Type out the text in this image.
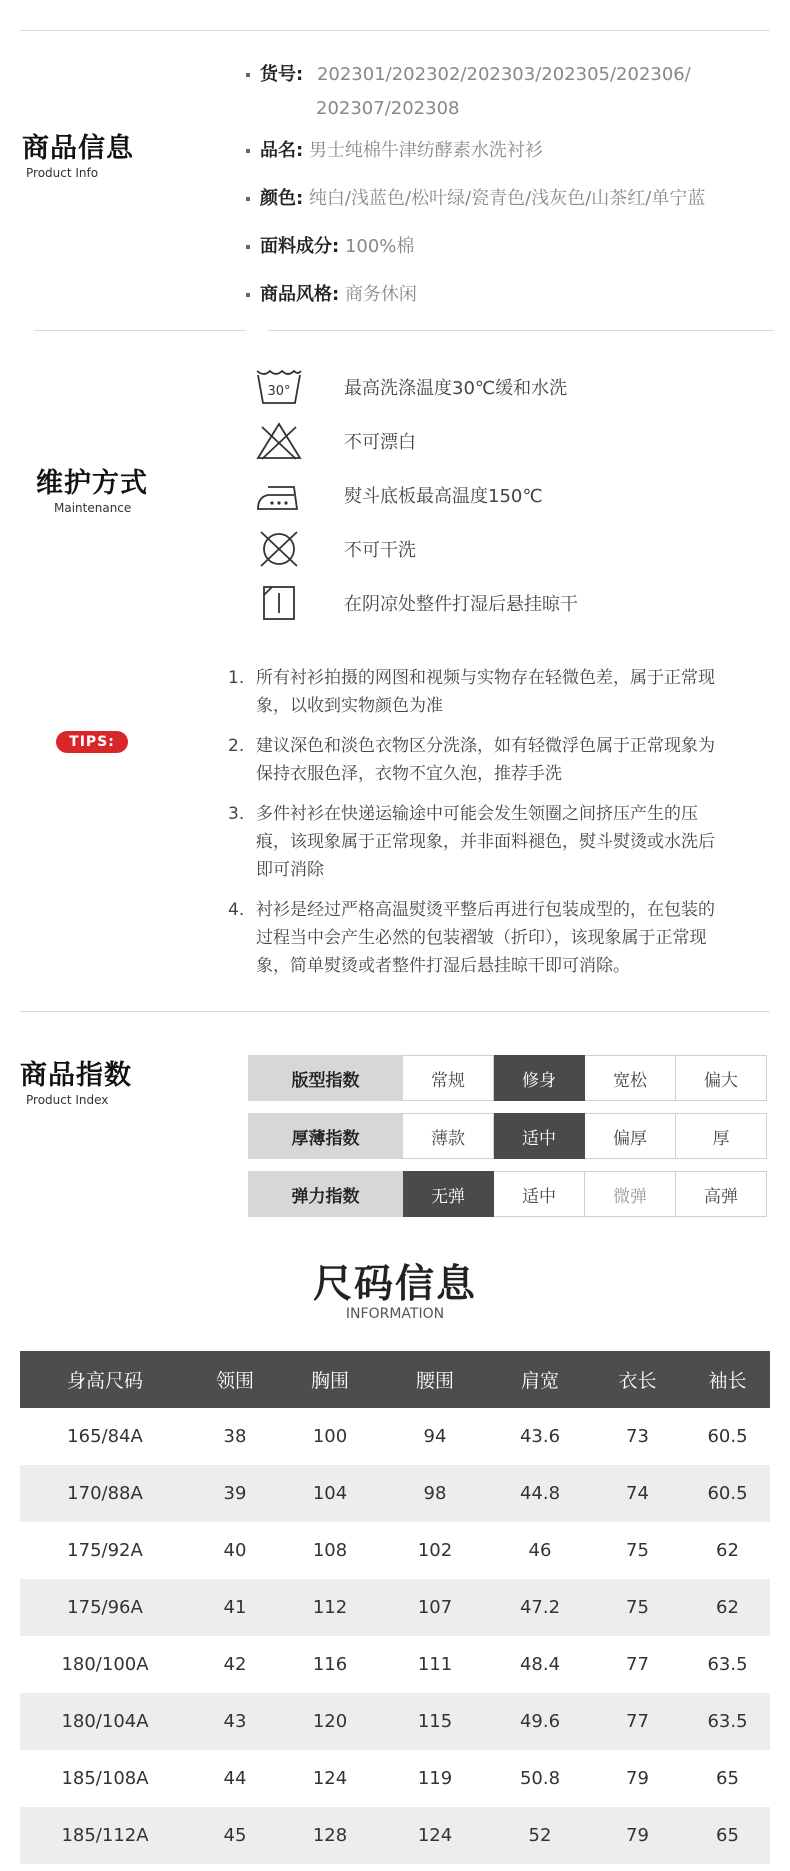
商品信息
Product Info
货号: 202301/202302/202303/202305/202306/
202307/202308
品名: 男士纯棉牛津纺酵素水洗衬衫
颜色: 纯白/浅蓝色/松叶绿/瓷青色/浅灰色/山茶红/单宁蓝
面料成分: 100%棉
商品风格: 商务休闲
维护方式
Maintenance
30°	最高洗涤温度30℃缓和水洗
不可漂白
熨斗底板最高温度150℃
不可干洗
在阴凉处整件打湿后悬挂晾干
TIPS:
1. 所有衬衫拍摄的网图和视频与实物存在轻微色差，属于正常现象，以收到实物颜色为准
2. 建议深色和淡色衣物区分洗涤，如有轻微浮色属于正常现象为保持衣服色泽，衣物不宜久泡，推荐手洗
3. 多件衬衫在快递运输途中可能会发生领圈之间挤压产生的压痕，该现象属于正常现象，并非面料褪色，熨斗熨烫或水洗后即可消除
4. 衬衫是经过严格高温熨烫平整后再进行包装成型的，在包装的过程当中会产生必然的包装褶皱（折印），该现象属于正常现象，简单熨烫或者整件打湿后悬挂晾干即可消除。
商品指数
Product Index
版型指数	常规	修身	宽松	偏大
厚薄指数	薄款	适中	偏厚	厚
弹力指数	无弹	适中	微弹	高弹
尺码信息
INFORMATION
身高尺码	领围	胸围	腰围	肩宽	衣长	袖长
165/84A	38	100	94	43.6	73	60.5
170/88A	39	104	98	44.8	74	60.5
175/92A	40	108	102	46	75	62
175/96A	41	112	107	47.2	75	62
180/100A	42	116	111	48.4	77	63.5
180/104A	43	120	115	49.6	77	63.5
185/108A	44	124	119	50.8	79	65
185/112A	45	128	124	52	79	65
